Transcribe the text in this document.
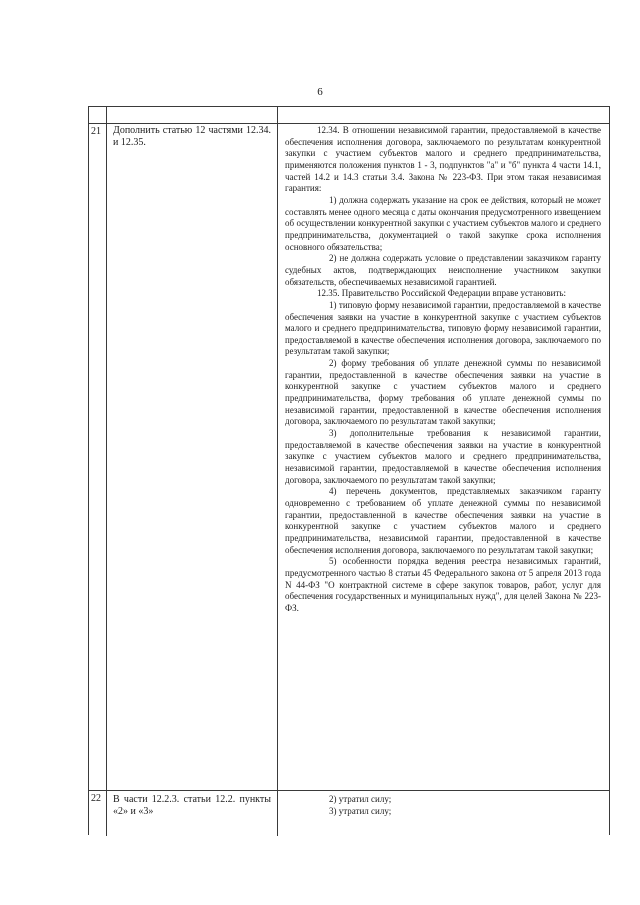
6
21	Дополнить статью 12 частями 12.34. и 12.35.

12.34. В отношении независимой гарантии, предоставляемой в качестве обеспечения исполнения договора, заключаемого по результатам конкурентной закупки с участием субъектов малого и среднего предпринимательства, применяются положения пунктов 1 - 3, подпунктов "а" и "б" пункта 4 части 14.1, частей 14.2 и 14.3 статьи 3.4. Закона № 223-ФЗ. При этом такая независимая гарантия:

1) должна содержать указание на срок ее действия, который не может составлять менее одного месяца с даты окончания предусмотренного извещением об осуществлении конкурентной закупки с участием субъектов малого и среднего предпринимательства, документацией о такой закупке срока исполнения основного обязательства;

2) не должна содержать условие о представлении заказчиком гаранту судебных актов, подтверждающих неисполнение участником закупки обязательств, обеспечиваемых независимой гарантией.

12.35. Правительство Российской Федерации вправе установить:

1) типовую форму независимой гарантии, предоставляемой в качестве обеспечения заявки на участие в конкурентной закупке с участием субъектов малого и среднего предпринимательства, типовую форму независимой гарантии, предоставляемой в качестве обеспечения исполнения договора, заключаемого по результатам такой закупки;

2) форму требования об уплате денежной суммы по независимой гарантии, предоставленной в качестве обеспечения заявки на участие в конкурентной закупке с участием субъектов малого и среднего предпринимательства, форму требования об уплате денежной суммы по независимой гарантии, предоставленной в качестве обеспечения исполнения договора, заключаемого по результатам такой закупки;

3) дополнительные требования к независимой гарантии, предоставляемой в качестве обеспечения заявки на участие в конкурентной закупке с участием субъектов малого и среднего предпринимательства, независимой гарантии, предоставляемой в качестве обеспечения исполнения договора, заключаемого по результатам такой закупки;

4) перечень документов, представляемых заказчиком гаранту одновременно с требованием об уплате денежной суммы по независимой гарантии, предоставленной в качестве обеспечения заявки на участие в конкурентной закупке с участием субъектов малого и среднего предпринимательства, независимой гарантии, предоставленной в качестве обеспечения исполнения договора, заключаемого по результатам такой закупки;

5) особенности порядка ведения реестра независимых гарантий, предусмотренного частью 8 статьи 45 Федерального закона от 5 апреля 2013 года N 44-ФЗ "О контрактной системе в сфере закупок товаров, работ, услуг для обеспечения государственных и муниципальных нужд", для целей Закона № 223-ФЗ.

22	В части 12.2.3. статьи 12.2. пункты «2» и «3»

2) утратил силу;

3) утратил силу;
